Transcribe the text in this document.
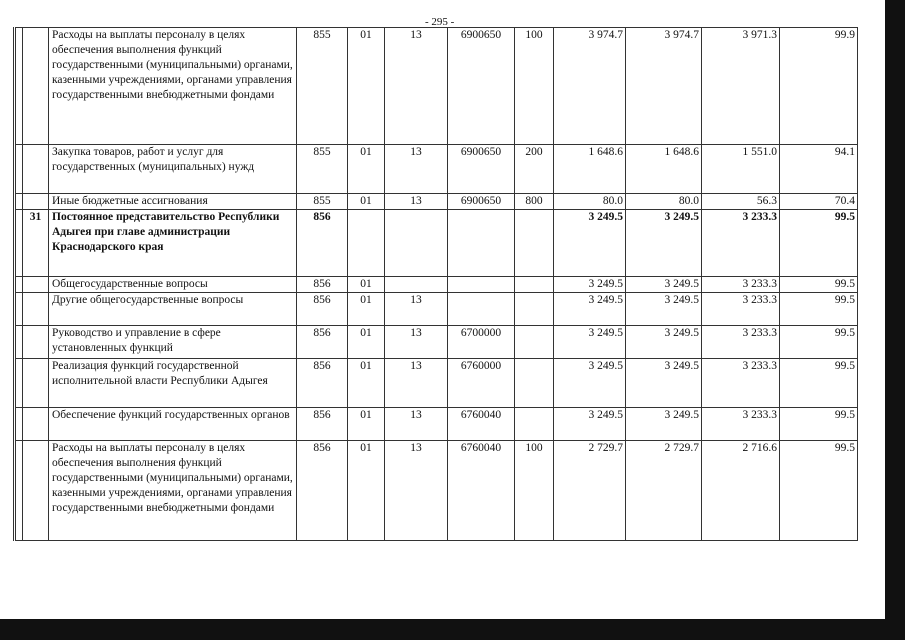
- 295 -
		Расходы на выплаты персоналу в целях обеспечения выполнения функций государственными (муниципальными) органами, казенными учреждениями, органами управления государственными внебюджетными фондами	855	01	13	6900650	100	3 974.7	3 974.7	3 971.3	99.9
		Закупка товаров, работ и услуг для государственных (муниципальных) нужд	855	01	13	6900650	200	1 648.6	1 648.6	1 551.0	94.1
		Иные бюджетные ассигнования	855	01	13	6900650	800	80.0	80.0	56.3	70.4
	31	Постоянное представительство Республики Адыгея при главе администрации Краснодарского края	856					3 249.5	3 249.5	3 233.3	99.5
		Общегосударственные вопросы	856	01				3 249.5	3 249.5	3 233.3	99.5
		Другие общегосударственные вопросы	856	01	13			3 249.5	3 249.5	3 233.3	99.5
		Руководство и управление в сфере установленных функций	856	01	13	6700000		3 249.5	3 249.5	3 233.3	99.5
		Реализация функций государственной исполнительной власти Республики Адыгея	856	01	13	6760000		3 249.5	3 249.5	3 233.3	99.5
		Обеспечение функций государственных органов	856	01	13	6760040		3 249.5	3 249.5	3 233.3	99.5
		Расходы на выплаты персоналу в целях обеспечения выполнения функций государственными (муниципальными) органами, казенными учреждениями, органами управления государственными внебюджетными фондами	856	01	13	6760040	100	2 729.7	2 729.7	2 716.6	99.5
